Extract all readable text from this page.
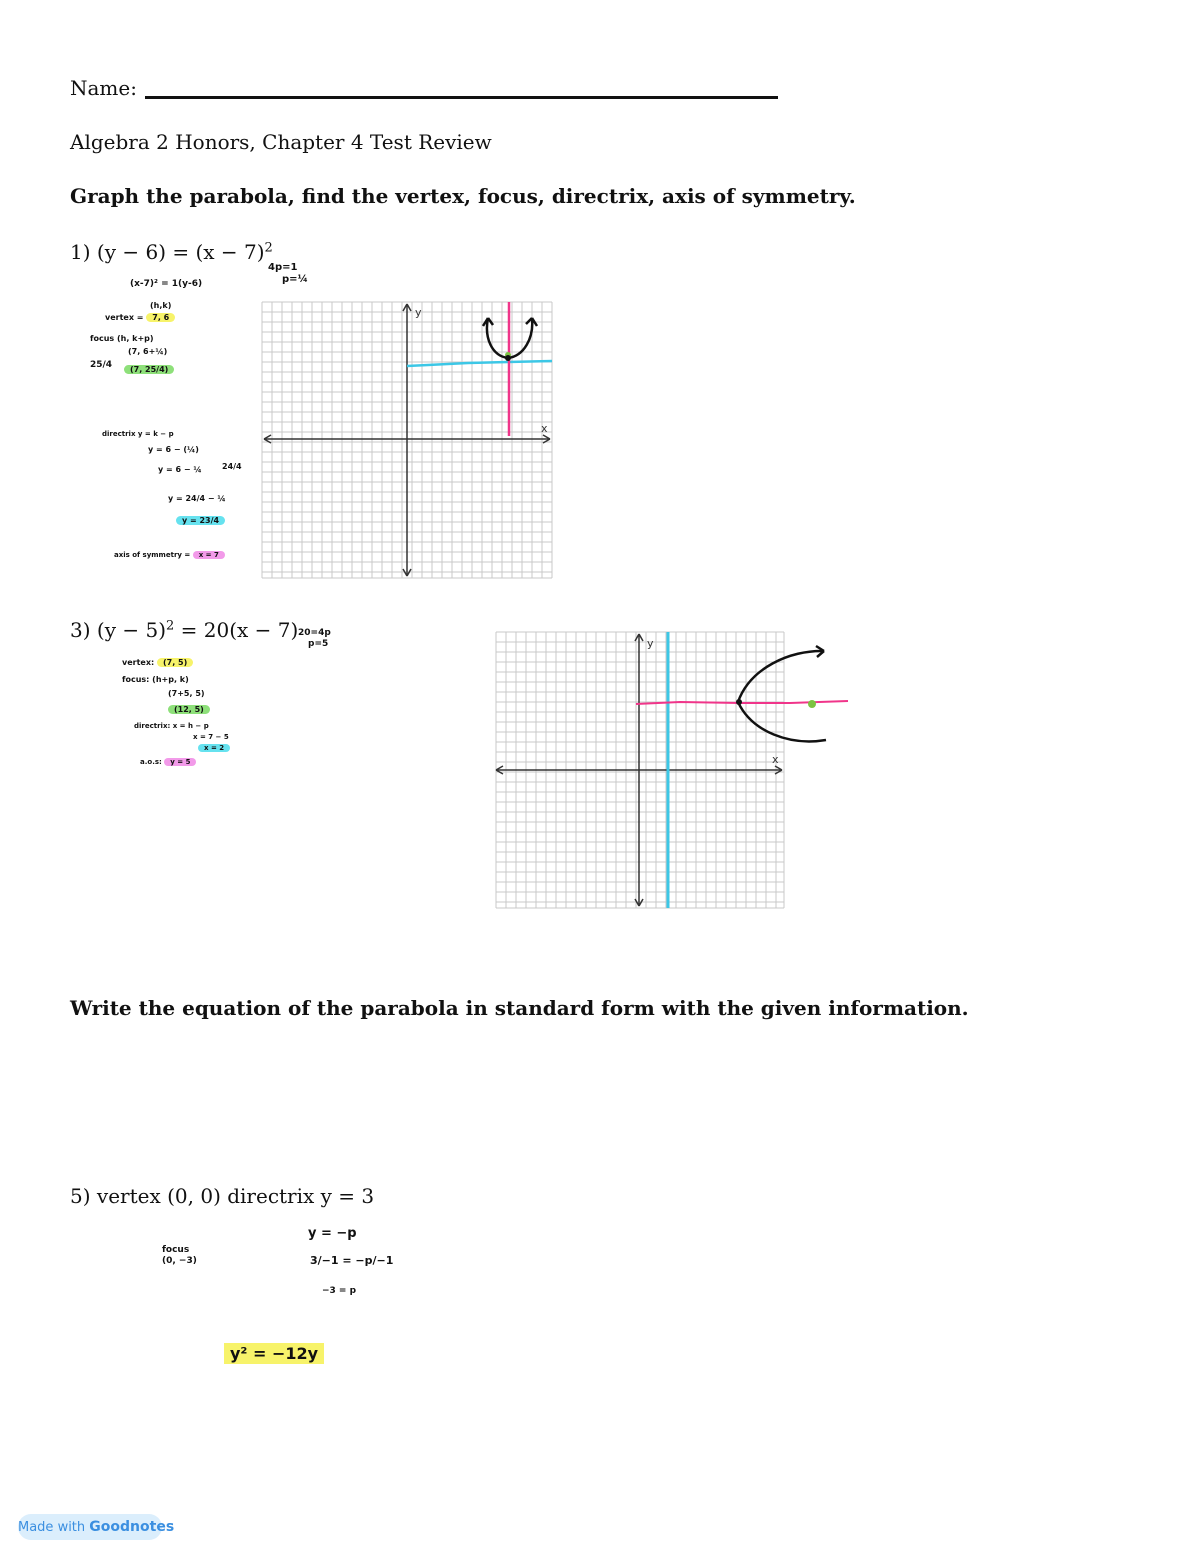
Name:
Algebra 2 Honors, Chapter 4 Test Review
Graph the parabola, find the vertex, focus, directrix, axis of symmetry.
1) $(y - 6) = (x - 7)^2$
4p=1
p=¼
(x-7)² = 1(y-6)
(h,k)
vertex = 7, 6
focus (h, k+p)
(7, 6+¼)
25/4	(7, 25/4)
directrix y = k − p
y = 6 − (¼)
y = 6 − ¼	24/4
y = 24/4 − ¼
y = 23/4
axis of symmetry = x = 7
x
y
3) $(y - 5)^2 = 20(x - 7)$ 20=4p
p=5
vertex: (7, 5)
focus: (h+p, k)
(7+5, 5)
(12, 5)
directrix: x = h − p
x = 7 − 5
x = 2
a.o.s: y = 5	x
y
Write the equation of the parabola in standard form with the given information.
5) vertex (0, 0) directrix y = 3
focus
(0, −3)
y = −p
3/−1 = −p/−1
−3 = p
y² = −12y
Made with Goodnotes
